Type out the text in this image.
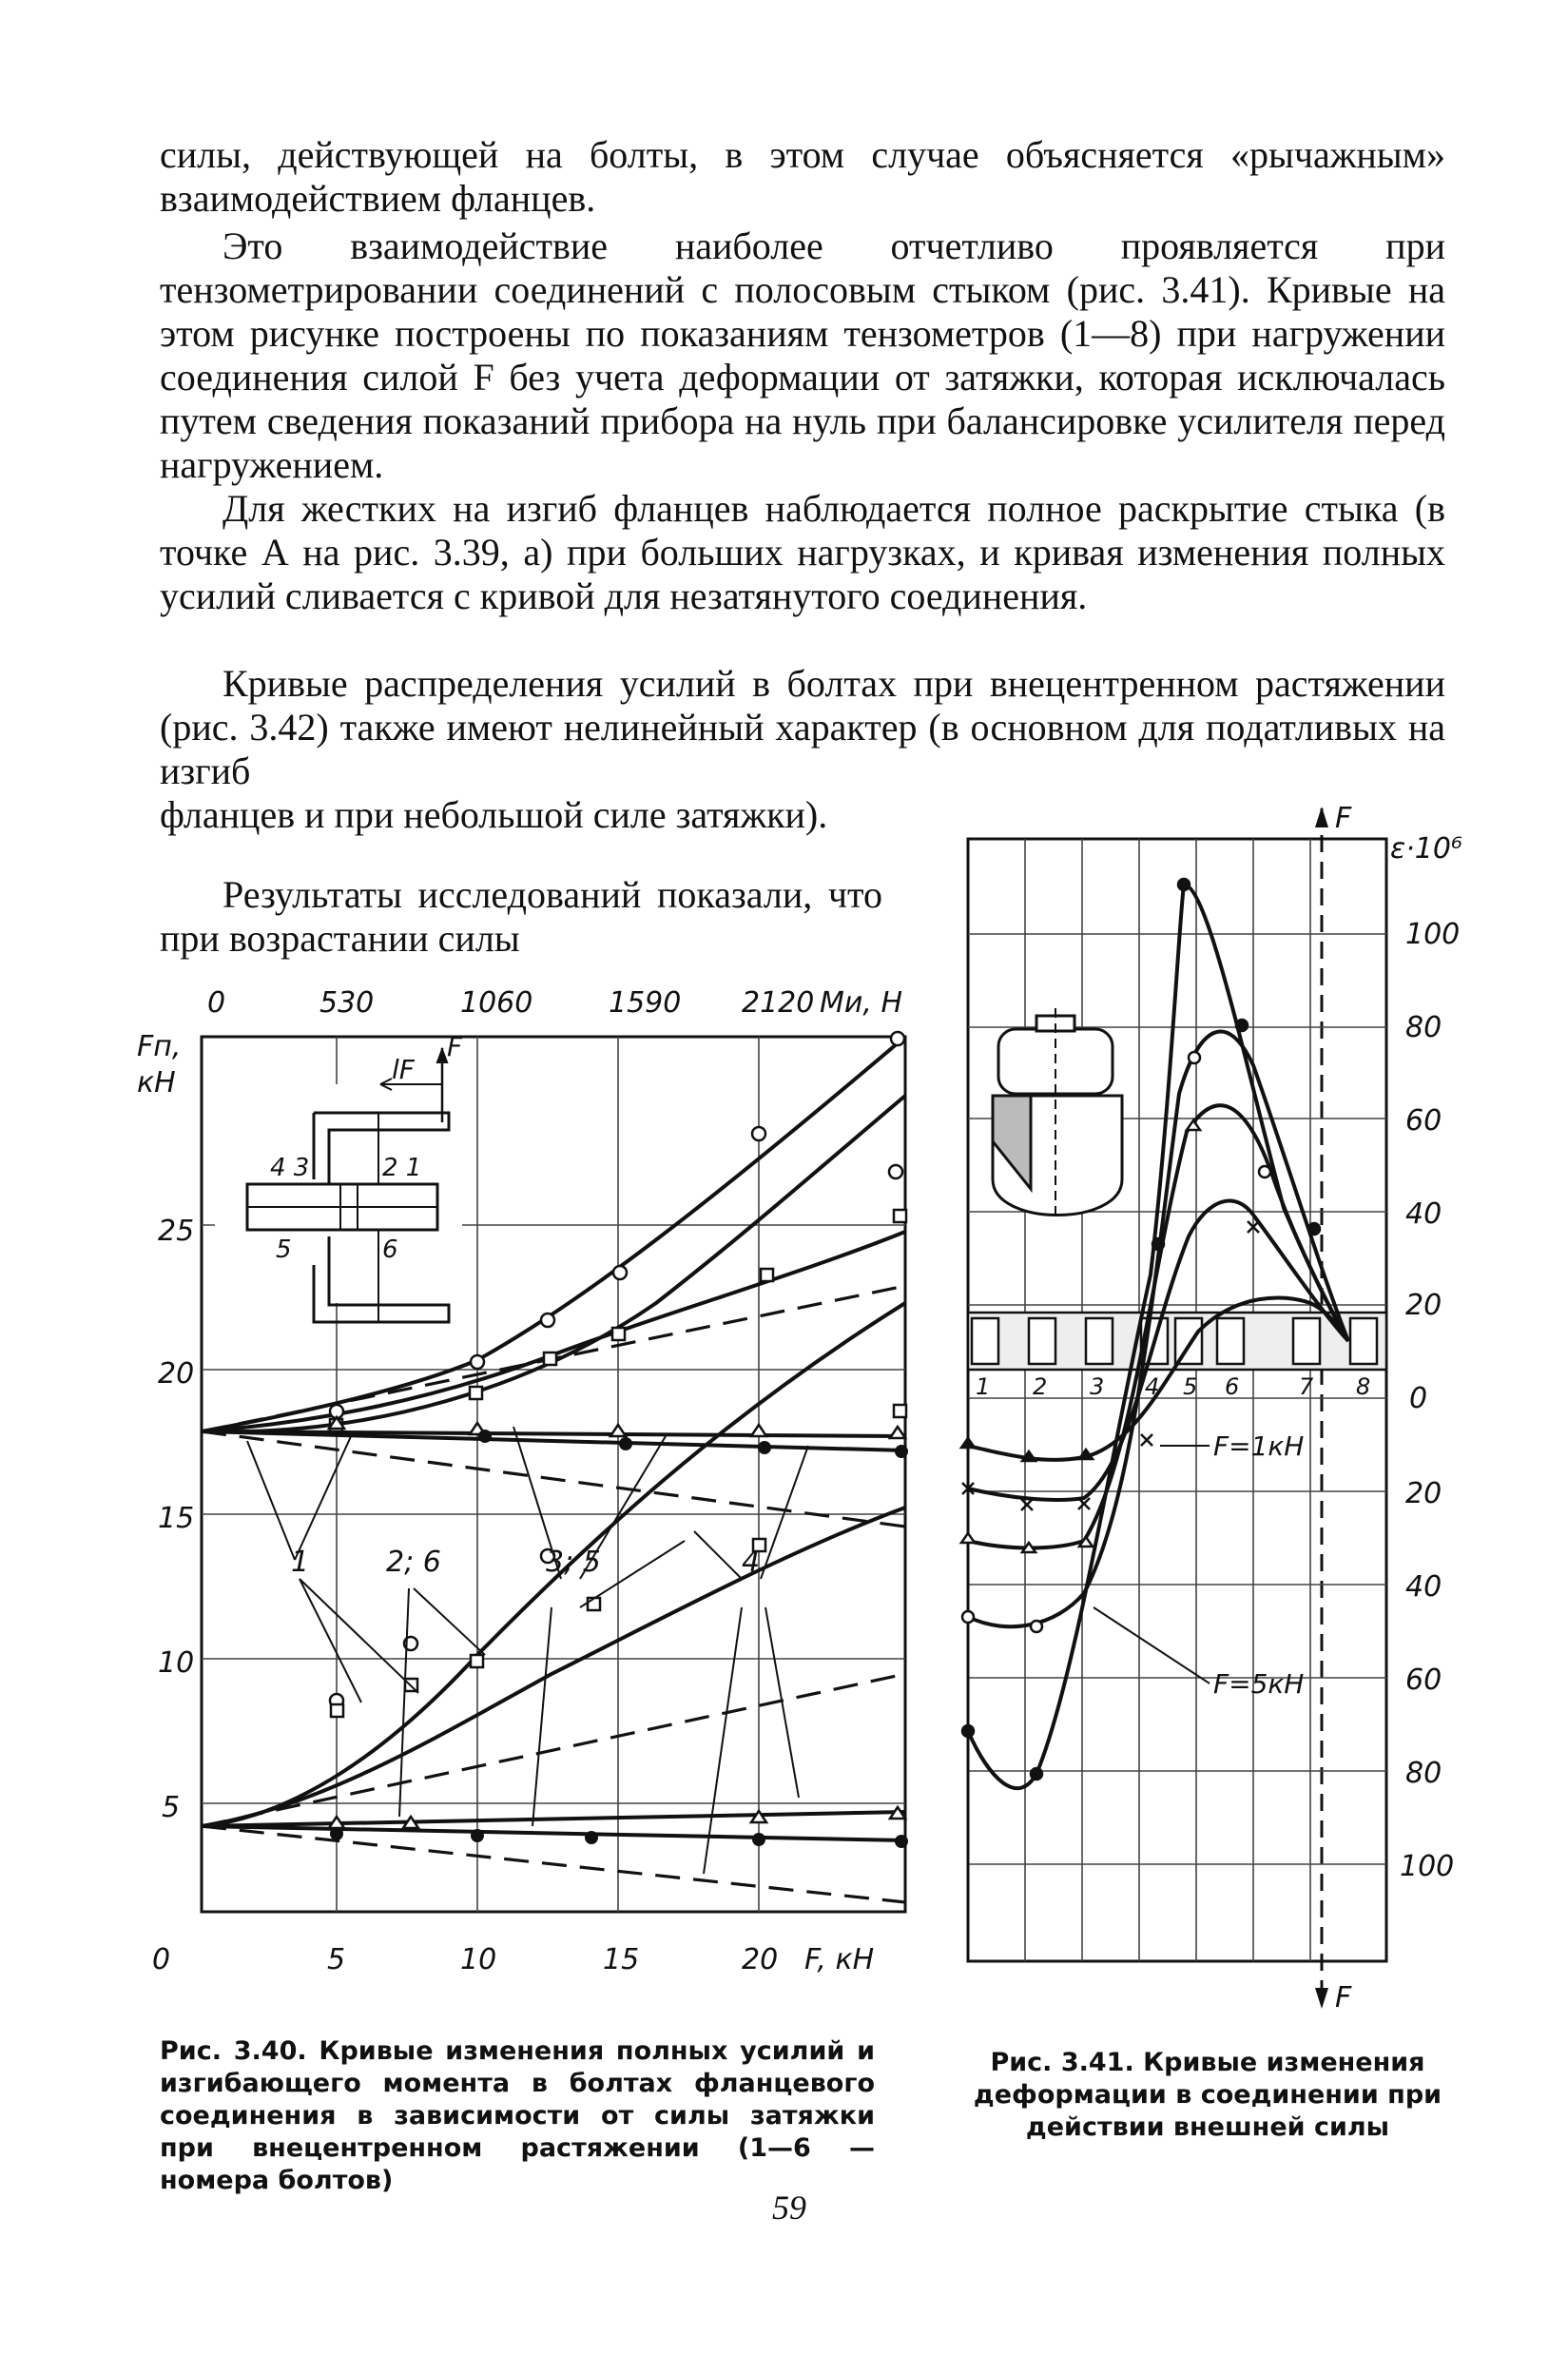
силы, действующей на болты, в этом случае объясняется «рычажным» взаимодействием фланцев.

Это взаимодействие наиболее отчетливо проявляется при тензометрировании соединений с полосовым стыком (рис. 3.41). Кривые на этом рисунке построены по показаниям тензометров (1—8) при нагружении соединения силой F без учета деформации от затяжки, которая исключалась путем сведения показаний прибора на нуль при балансировке усилителя перед нагружением.

Для жестких на изгиб фланцев наблюдается полное раскрытие стыка (в точке А на рис. 3.39, а) при больших нагрузках, и кривая изменения полных усилий сливается с кривой для незатянутого соединения.

Кривые распределения усилий в болтах при внецентренном растяжении (рис. 3.42) также имеют нелинейный характер (в основном для податливых на изгиб

фланцев и при небольшой силе затяжки).

Результаты исследований показали, что при возрастании силы

0	530	1060	1590 2120 Mи, Н
Fп,
кН
25
20
15
10
5
0	5	10	15	20 F, кН
1	2; 6	3; 5	4
F
lF
4 3	2 1
5	6
F
F
ε·10⁶
100
80
60
40
20
0
20
40
60
80
100
1 2 3 4 5 6	7 8
F=1кН
F=5кН

Рис. 3.40. Кривые изменения полных усилий и изгибающего момента в болтах фланцевого соединения в зависимости от силы затяжки при внецентренном растяжении (1—6 — номера болтов)

Рис. 3.41. Кривые изменения деформации в соединении при действии внешней силы

59
